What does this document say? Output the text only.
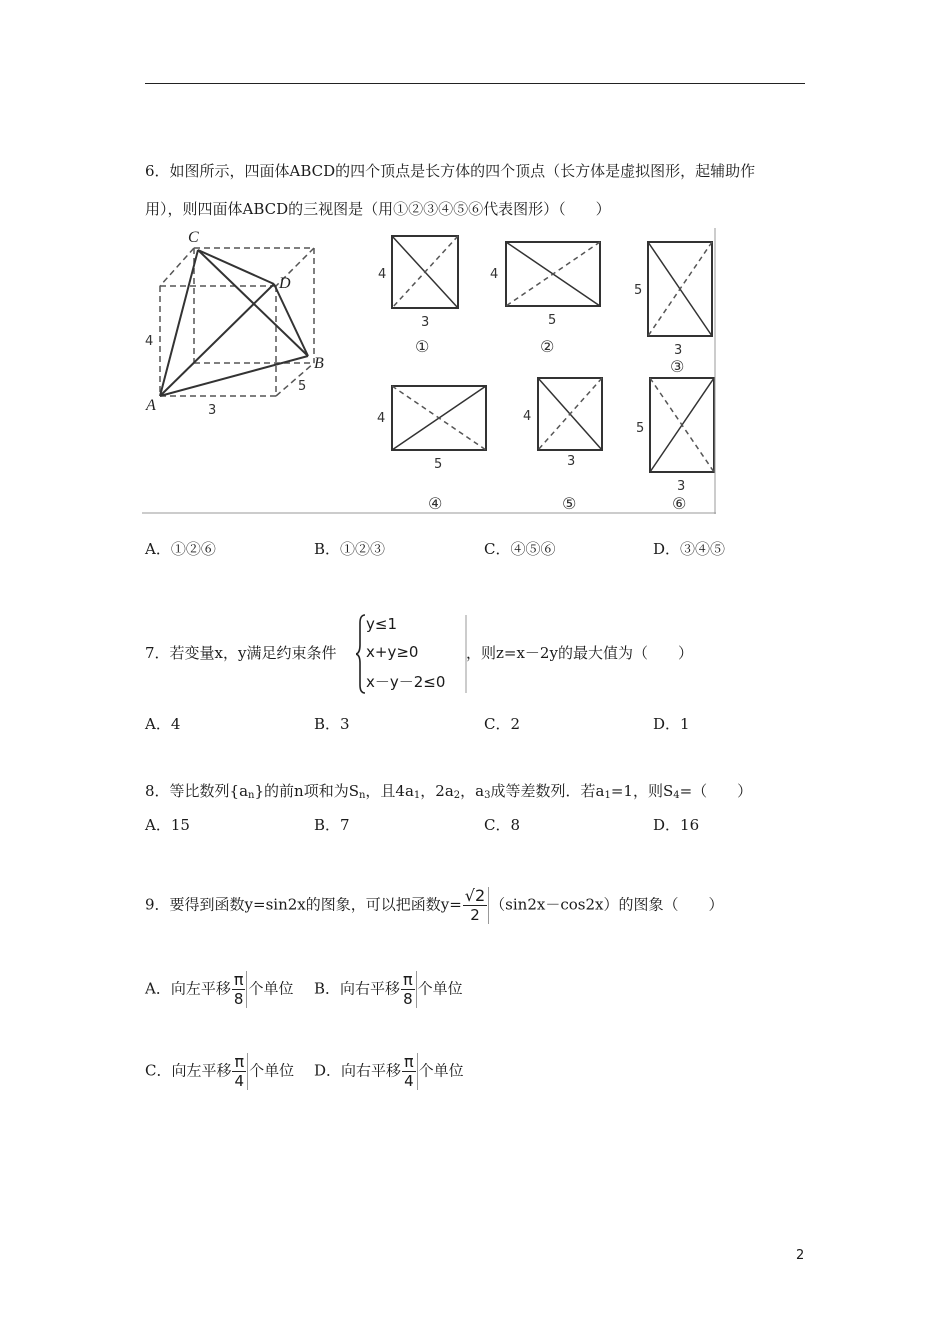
6．如图所示，四面体ABCD的四个顶点是长方体的四个顶点（长方体是虚拟图形，起辅助作
用），则四面体ABCD的三视图是（用①②③④⑤⑥代表图形）（　　）
C
D
A
B
4
3
5
4
3
①
4
5
②
5
3
③
4
5
④
4
3
⑤
5
3
⑥
A．①②⑥	B．①②③	C．④⑤⑥	D．③④⑤
7．若变量x，y满足约束条件
y≤1
x+y≥0
x－y－2≤0
，则z=x－2y的最大值为（　　）
A．4	B．3	C．2	D．1
8．等比数列$\{a_n\}$的前n项和为$S_n$，且$4a_1$，$2a_2$，$a_3$成等差数列．若$a_1=1$，则$S_4=$（　　）
A．15	B．7	C．8	D．16
9．要得到函数y=sin2x的图象，可以把函数$y= \frac{√2}{2} (\sin 2x-\cos 2x)$的图象（　　）
A．向左平移 $\frac{\pi}{8}$ 个单位 B．向右平移 $\frac{\pi}{8}$ 个单位
C．向左平移 $\frac{\pi}{4}$ 个单位 D．向右平移 $\frac{\pi}{4}$ 个单位
2
